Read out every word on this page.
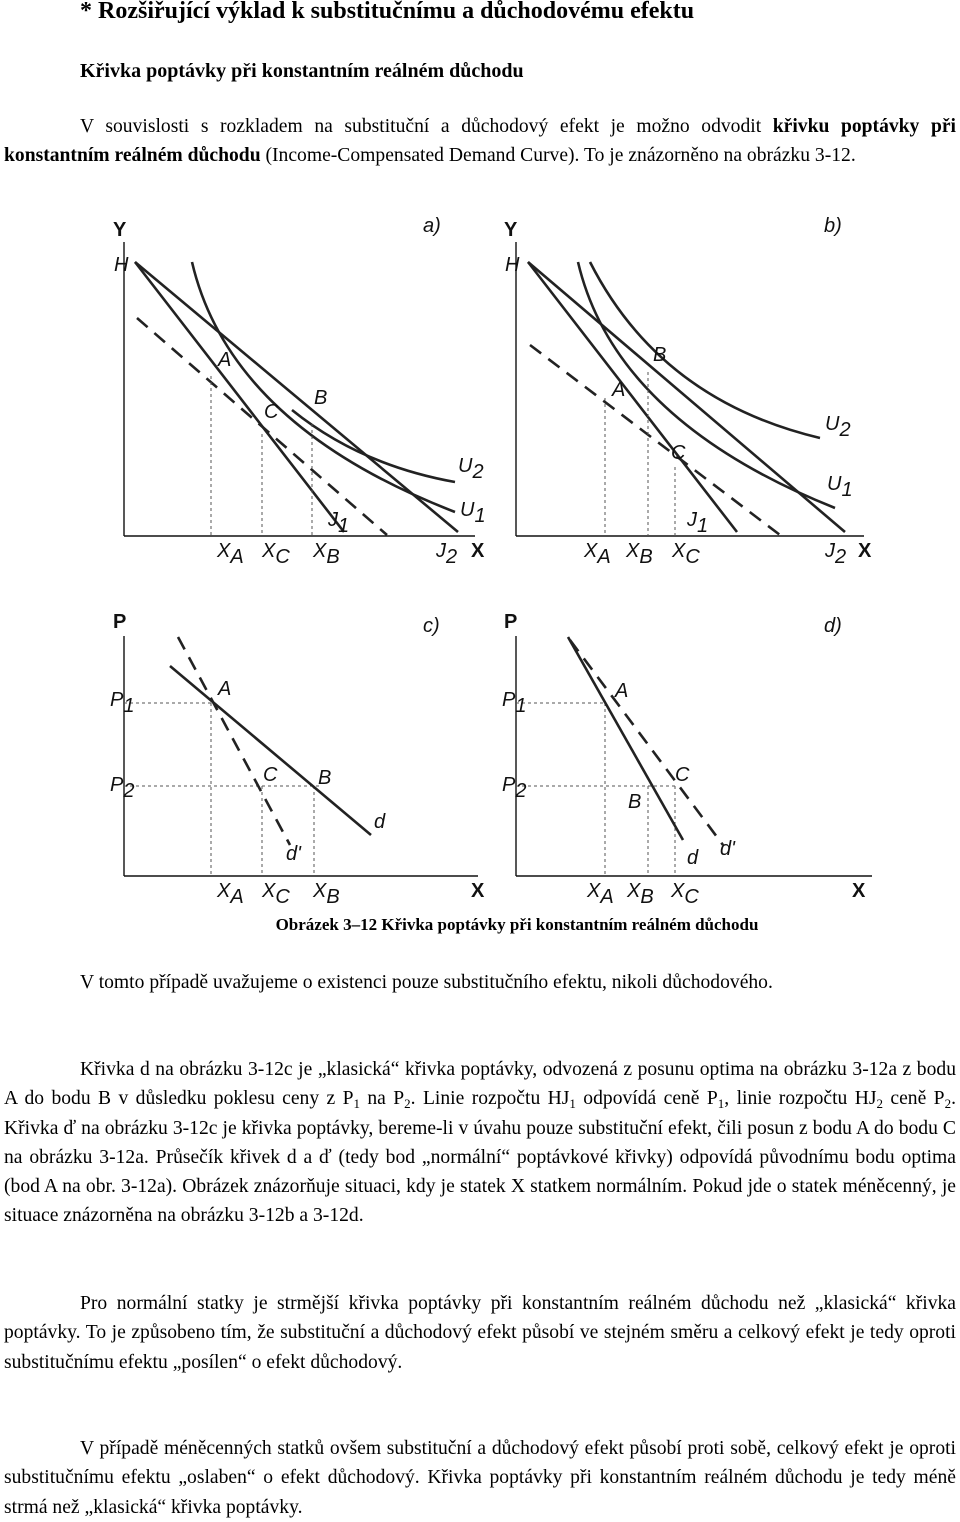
* Rozšiřující výklad k substitučnímu a důchodovému efektu
Křivka poptávky při konstantním reálném důchodu
V souvislosti s rozkladem na substituční a důchodový efekt je možno odvodit křivku poptávky při konstantním reálném důchodu (Income-Compensated Demand Curve). To je znázorněno na obrázku 3-12.
Y	a)
H
A
C
B
U2
U1
J1
J2 X
XA XC XB
Y	b)
H
A
B
C
U2
U1
J1
J2 X
XA XB XC
P	c)
P1
P2
A
C B
d
d'
X
XA XC XB
P	d)
P1
P2
A
C
B
d d'
X
XA XB XC
Obrázek 3–12 Křivka poptávky při konstantním reálném důchodu
V tomto případě uvažujeme o existenci pouze substitučního efektu, nikoli důchodového.
Křivka d na obrázku 3-12c je „klasická“ křivka poptávky, odvozená z posunu optima na obrázku 3-12a z bodu A do bodu B v důsledku poklesu ceny z $P_1$ na $P_2$. Linie rozpočtu $HJ_1$ odpovídá ceně $P_1$, linie rozpočtu $HJ_2$ ceně $P_2$. Křivka ď na obrázku 3-12c je křivka poptávky, bereme-li v úvahu pouze substituční efekt, čili posun z bodu A do bodu C na obrázku 3-12a. Průsečík křivek d a ď (tedy bod „normální“ poptávkové křivky) odpovídá původnímu bodu optima (bod A na obr. 3-12a). Obrázek znázorňuje situaci, kdy je statek X statkem normálním. Pokud jde o statek méněcenný, je situace znázorněna na obrázku 3-12b a 3-12d.
Pro normální statky je strmější křivka poptávky při konstantním reálném důchodu než „klasická“ křivka poptávky. To je způsobeno tím, že substituční a důchodový efekt působí ve stejném směru a celkový efekt je tedy oproti substitučnímu efektu „posílen“ o efekt důchodový.
V případě méněcenných statků ovšem substituční a důchodový efekt působí proti sobě, celkový efekt je oproti substitučnímu efektu „oslaben“ o efekt důchodový. Křivka poptávky při konstantním reálném důchodu je tedy méně strmá než „klasická“ křivka poptávky.
